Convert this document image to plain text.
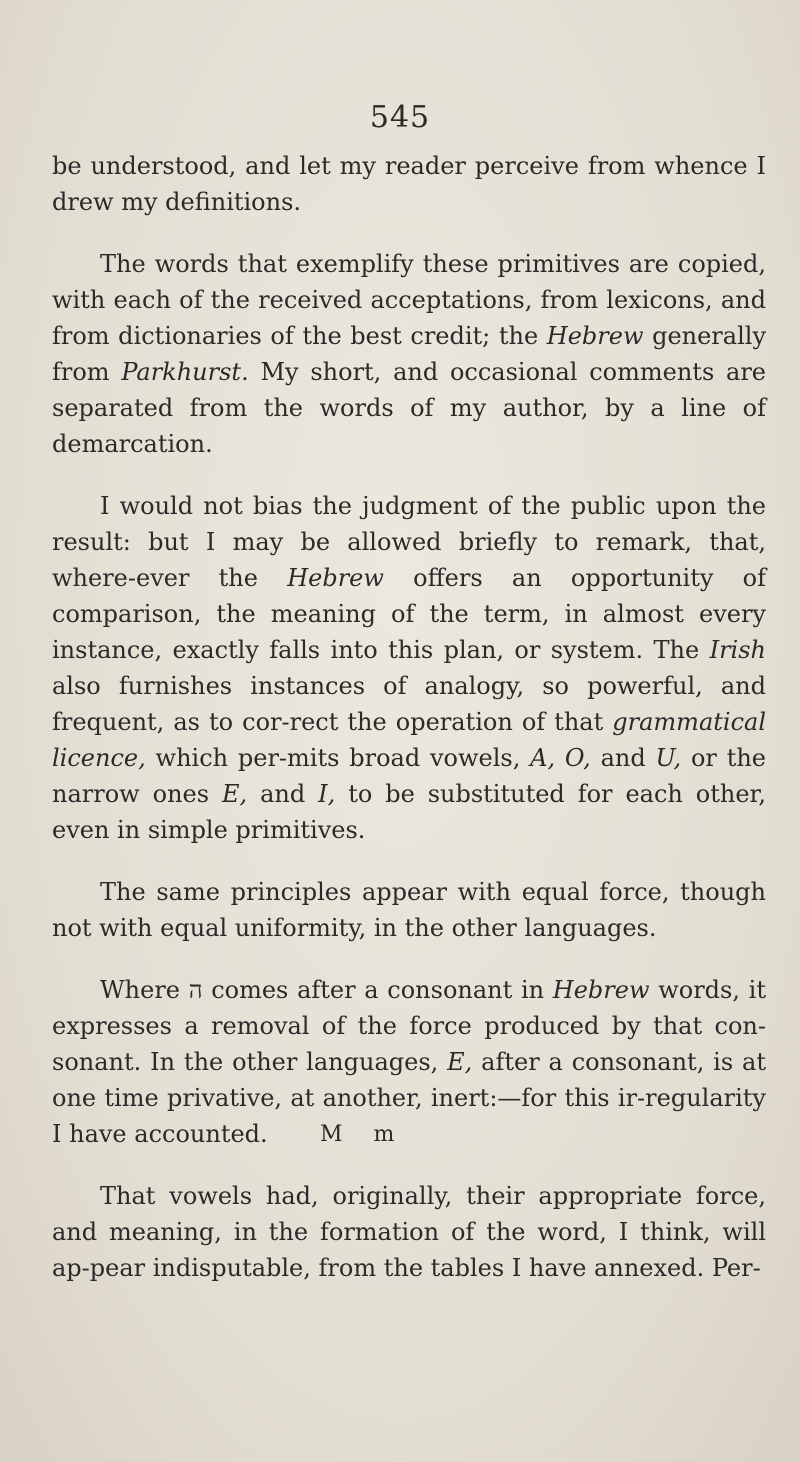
545

be understood, and let my reader perceive from whence I drew my definitions.

The words that exemplify these primitives are copied, with each of the received acceptations, from lexicons, and from dictionaries of the best credit; the Hebrew generally from Parkhurst. My short, and occasional comments are separated from the words of my author, by a line of demarcation.

I would not bias the judgment of the public upon the result: but I may be allowed briefly to remark, that, where-ever the Hebrew offers an opportunity of comparison, the meaning of the term, in almost every instance, exactly falls into this plan, or system. The Irish also furnishes instances of analogy, so powerful, and frequent, as to cor-rect the operation of that grammatical licence, which per-mits broad vowels, A, O, and U, or the narrow ones E, and I, to be substituted for each other, even in simple primitives.

The same principles appear with equal force, though not with equal uniformity, in the other languages.

Where ה comes after a consonant in Hebrew words, it expresses a removal of the force produced by that con-sonant. In the other languages, E, after a consonant, is at one time privative, at another, inert:—for this ir-regularity I have accounted.

That vowels had, originally, their appropriate force, and meaning, in the formation of the word, I think, will ap-pear indisputable, from the tables I have annexed. Per-

M m
